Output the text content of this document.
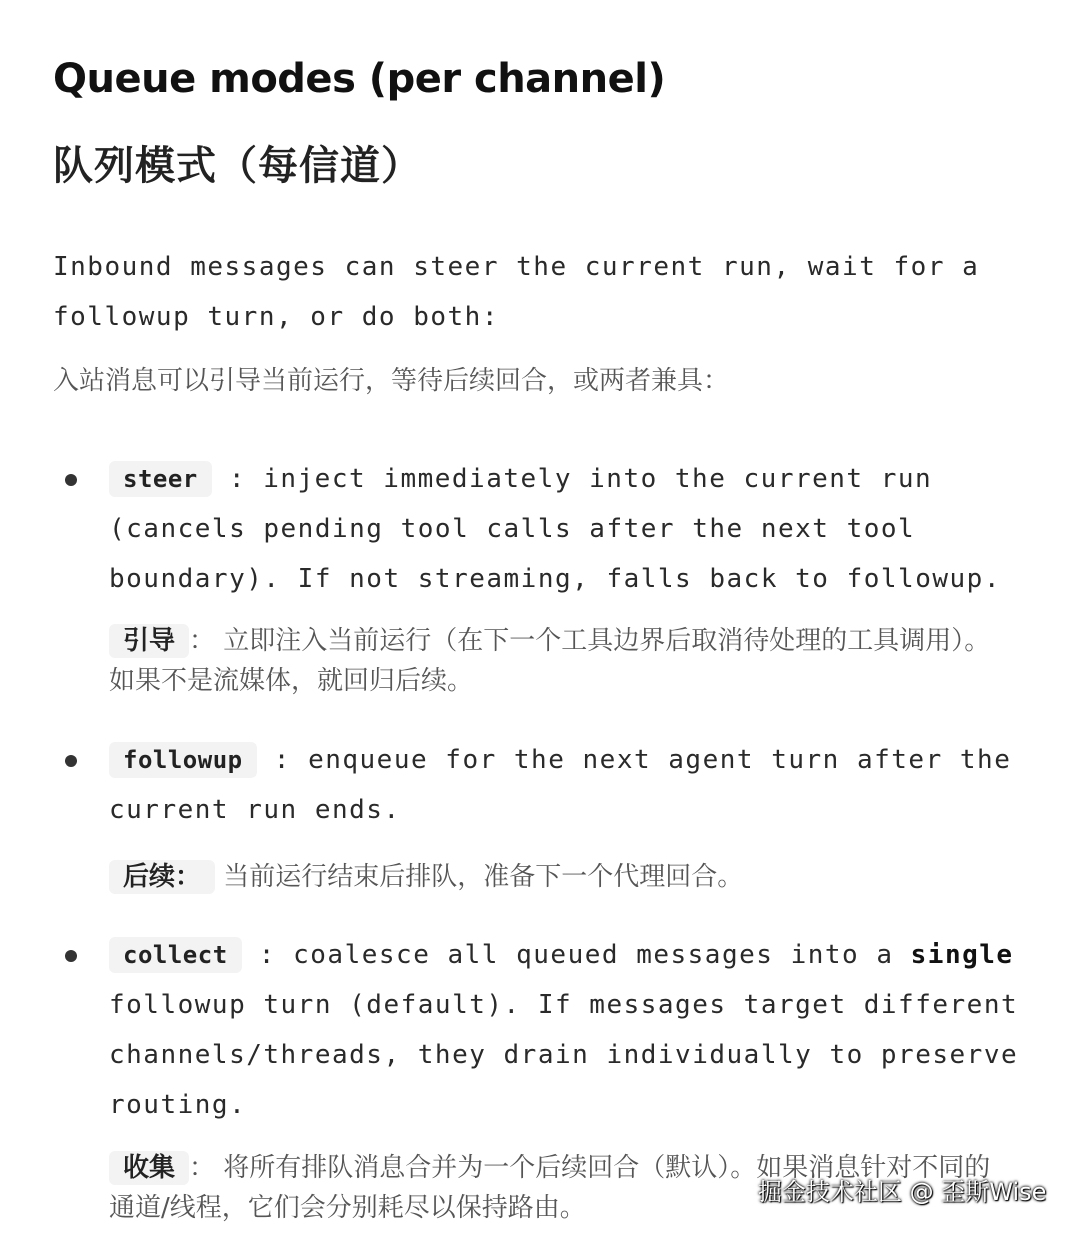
Queue modes (per channel)
队列模式（每信道）
Inbound messages can steer the current run, wait for a followup turn, or do both:
入站消息可以引导当前运行，等待后续回合，或两者兼具：
steer : inject immediately into the current run (cancels pending tool calls after the next tool boundary). If not streaming, falls back to followup.
引导 ： 立即注入当前运行（在下一个工具边界后取消待处理的工具调用）。如果不是流媒体，就回归后续。
followup : enqueue for the next agent turn after the current run ends.
后续： 当前运行结束后排队，准备下一个代理回合。
collect : coalesce all queued messages into a single followup turn (default). If messages target different channels/threads, they drain individually to preserve routing.
收集 ： 将所有排队消息合并为一个后续回合（默认）。如果消息针对不同的通道/线程，它们会分别耗尽以保持路由。
掘金技术社区 @ 歪斯Wise
